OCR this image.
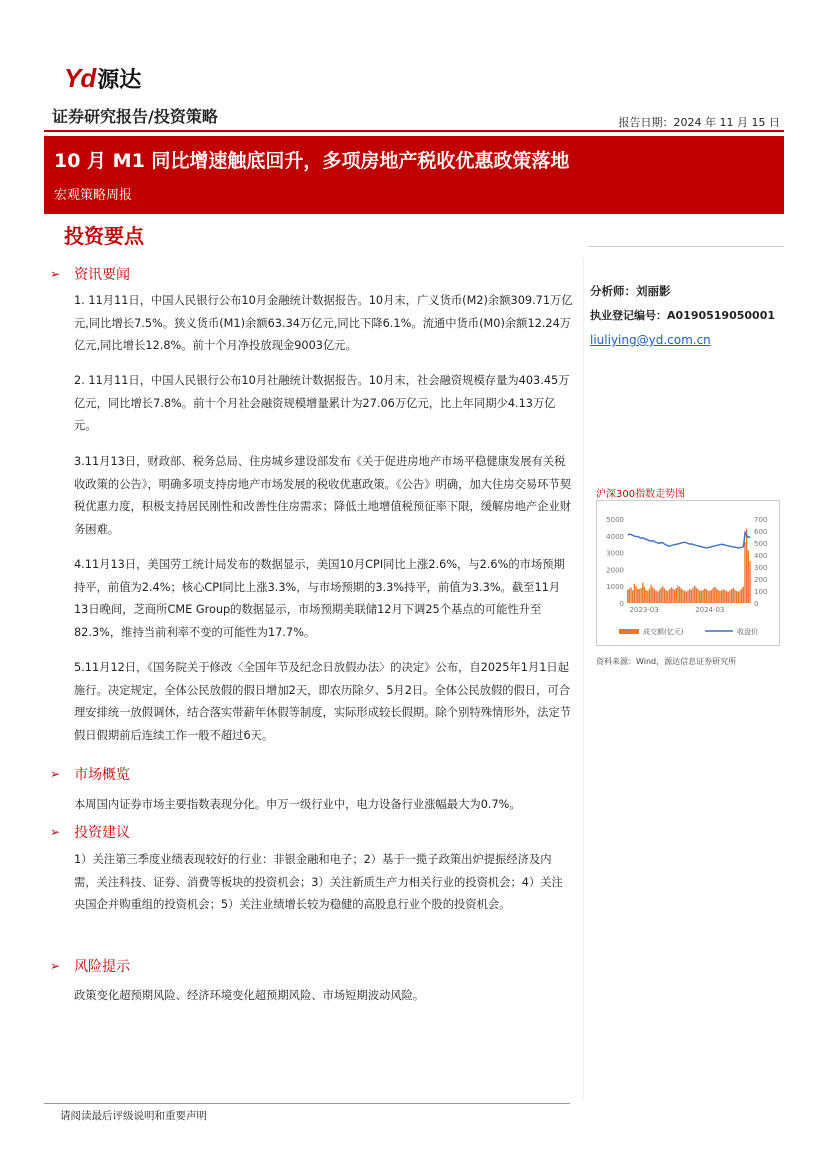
Yd 源达
证券研究报告/投资策略	报告日期：2024 年 11 月 15 日
10 月 M1 同比增速触底回升，多项房地产税收优惠政策落地
宏观策略周报
投资要点
➢ 资讯要闻
1. 11月11日，中国人民银行公布10月金融统计数据报告。10月末，广义货币(M2)余额309.71万亿元,同比增长7.5%。狭义货币(M1)余额63.34万亿元,同比下降6.1%。流通中货币(M0)余额12.24万亿元,同比增长12.8%。前十个月净投放现金9003亿元。
2. 11月11日，中国人民银行公布10月社融统计数据报告。10月末，社会融资规模存量为403.45万亿元，同比增长7.8%。前十个月社会融资规模增量累计为27.06万亿元，比上年同期少4.13万亿元。
3.11月13日，财政部、税务总局、住房城乡建设部发布《关于促进房地产市场平稳健康发展有关税收政策的公告》，明确多项支持房地产市场发展的税收优惠政策。《公告》明确，加大住房交易环节契税优惠力度，积极支持居民刚性和改善性住房需求；降低土地增值税预征率下限，缓解房地产企业财务困难。
4.11月13日，美国劳工统计局发布的数据显示，美国10月CPI同比上涨2.6%，与2.6%的市场预期持平，前值为2.4%；核心CPI同比上涨3.3%，与市场预期的3.3%持平，前值为3.3%。截至11月13日晚间，芝商所CME Group的数据显示，市场预期美联储12月下调25个基点的可能性升至82.3%，维持当前利率不变的可能性为17.7%。
5.11月12日，《国务院关于修改〈全国年节及纪念日放假办法〉的决定》公布，自2025年1月1日起施行。决定规定，全体公民放假的假日增加2天，即农历除夕、5月2日。全体公民放假的假日，可合理安排统一放假调休，结合落实带薪年休假等制度，实际形成较长假期。除个别特殊情形外，法定节假日假期前后连续工作一般不超过6天。
➢ 市场概览
本周国内证券市场主要指数表现分化。申万一级行业中，电力设备行业涨幅最大为0.7%。
➢ 投资建议
1）关注第三季度业绩表现较好的行业：非银金融和电子；2）基于一揽子政策出炉提振经济及内需，关注科技、证券、消费等板块的投资机会；3）关注新质生产力相关行业的投资机会；4）关注央国企并购重组的投资机会；5）关注业绩增长较为稳健的高股息行业个股的投资机会。
➢ 风险提示
政策变化超预期风险、经济环境变化超预期风险、市场短期波动风险。
分析师：刘丽影
执业登记编号：A0190519050001
liuliying@yd.com.cn
沪深300指数走势图
5000
4000
3000
2000
1000
0
700
600
500
400
300
200
100
0
2023-03	2024-03
成交额(亿元)	收盘价
资料来源：Wind，源达信息证券研究所
请阅读最后评级说明和重要声明
